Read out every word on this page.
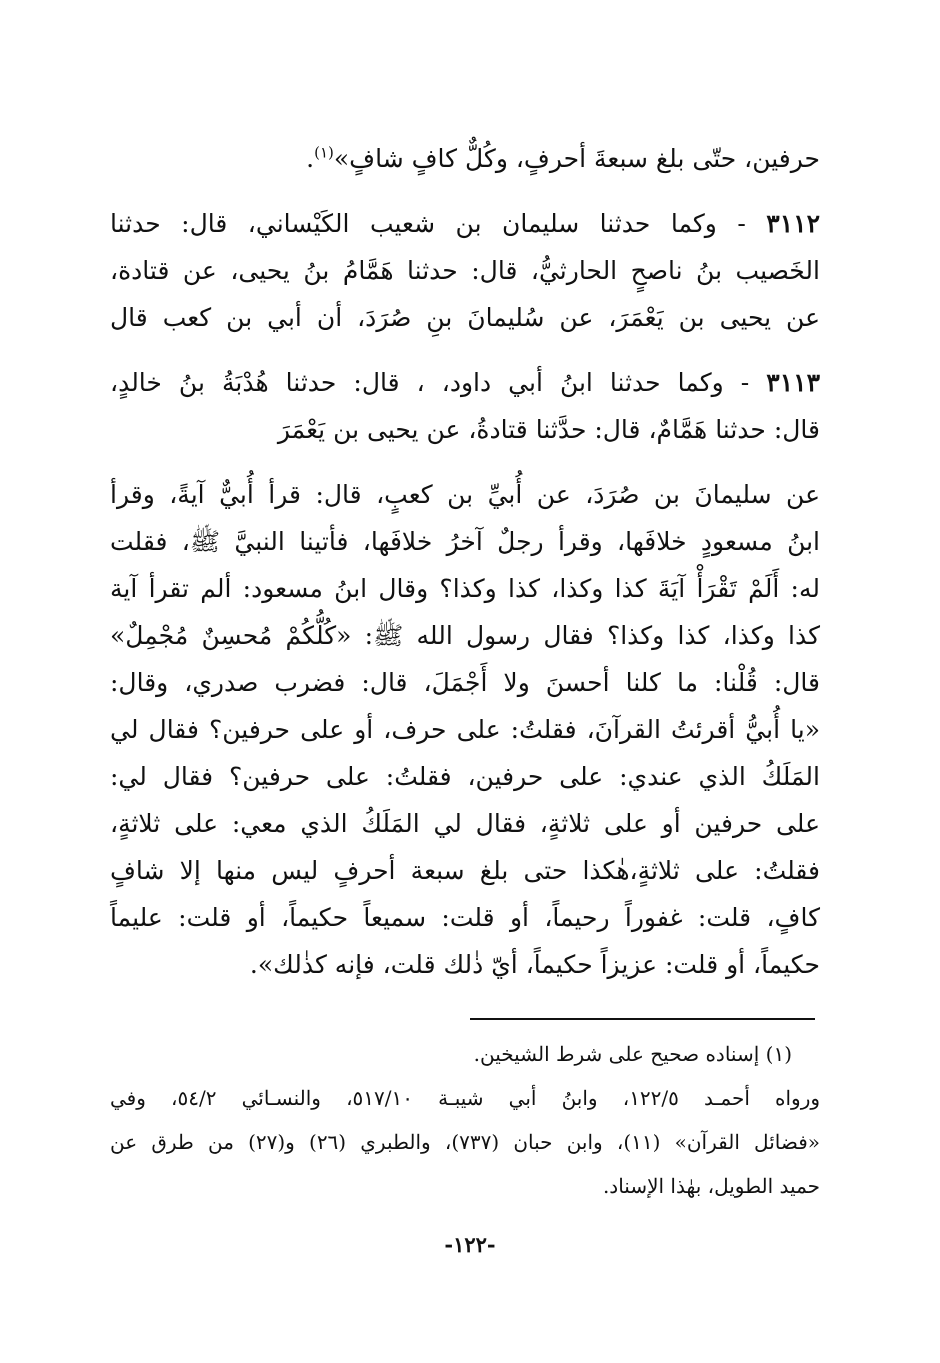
حرفين، حتّى بلغ سبعةَ أحرفٍ، وكُلٌّ كافٍ شافٍ»$^{(١)}$.
٣١١٢ - وكما حدثنا سليمان بن شعيب الكَيْساني، قال: حدثنا
الخَصيب بنُ ناصحٍ الحارثيُّ، قال: حدثنا هَمَّامُ بنُ يحيى، عن قتادة،
عن يحيى بن يَعْمَرَ، عن سُليمانَ بنِ صُرَدَ، أن أبي بن كعب قال
٣١١٣ - وكما حدثنا ابنُ أبي داود، ، قال: حدثنا هُدْبَةُ بنُ خالدٍ،
قال: حدثنا هَمَّامٌ، قال: حدَّثنا قتادةُ، عن يحيى بن يَعْمَرَ
عن سليمانَ بن صُرَدَ، عن أُبيِّ بن كعبٍ، قال: قرأ أُبيٌّ آيةً، وقرأ
ابنُ مسعودٍ خلافَها، وقرأ رجلٌ آخرُ خلافَها، فأتينا النبيَّ ﷺ، فقلت
له: أَلَمْ تَقْرَأْ آيَةَ كذا وكذا، كذا وكذا؟ وقال ابنُ مسعود: ألم تقرأ آية
كذا وكذا، كذا وكذا؟ فقال رسول الله ﷺ: «كُلُّكُمْ مُحسِنٌ مُجْمِلٌ»
قال: قُلْنا: ما كلنا أحسنَ ولا أَجْمَلَ، قال: فضرب صدري، وقال:
«يا أُبيُّ أقرئتُ القرآنَ، فقلتُ: على حرف، أو على حرفين؟ فقال لي
المَلَكُ الذي عندي: على حرفين، فقلتُ: على حرفين؟ فقال لي:
على حرفين أو على ثلاثةٍ، فقال لي المَلَكُ الذي معي: على ثلاثةٍ،
فقلتُ: على ثلاثةٍ،هٰكذا حتى بلغ سبعة أحرفٍ ليس منها إلا شافٍ
كافٍ، قلت: غفوراً رحيماً، أو قلت: سميعاً حكيماً، أو قلت: عليماً
حكيماً، أو قلت: عزيزاً حكيماً، أيّ ذٰلك قلت، فإنه كذٰلك».
(١) إسناده صحيح على شرط الشيخين.
ورواه أحمـد ١٢٢/٥، وابنُ أبي شيبـة ٥١٧/١٠، والنسـائي ٥٤/٢، وفي
«فضائل القرآن» (١١)، وابن حبان (٧٣٧)، والطبري (٢٦) و(٢٧) من طرق عن
حميد الطويل، بهٰذا الإسناد.
-١٢٢-
